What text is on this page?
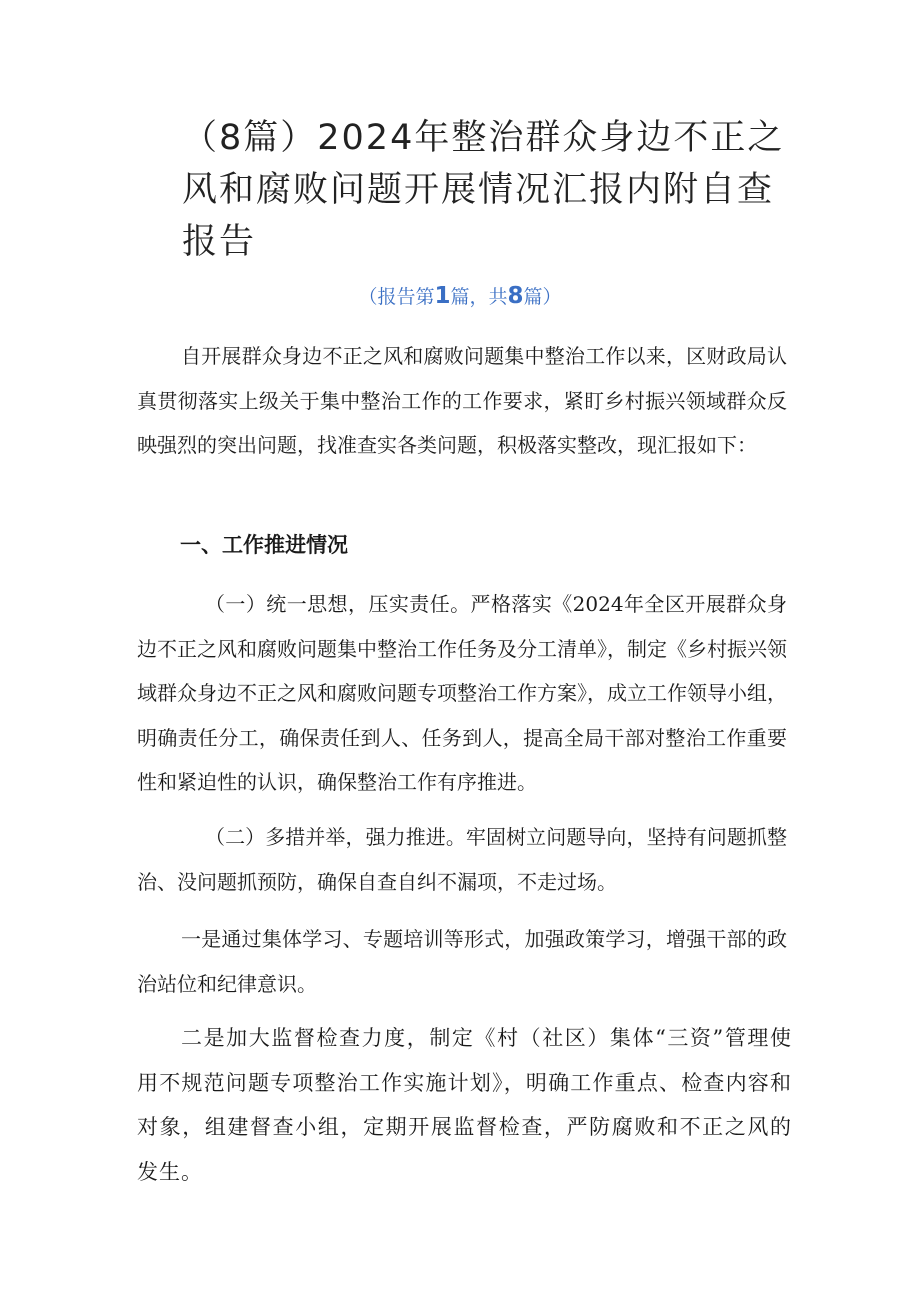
（8篇）2024年整治群众身边不正之风和腐败问题开展情况汇报内附自查报告

（报告第1篇，共8篇）

自开展群众身边不正之风和腐败问题集中整治工作以来，区财政局认真贯彻落实上级关于集中整治工作的工作要求，紧盯乡村振兴领域群众反映强烈的突出问题，找准查实各类问题，积极落实整改，现汇报如下：

一、工作推进情况

（一）统一思想，压实责任。严格落实《2024年全区开展群众身边不正之风和腐败问题集中整治工作任务及分工清单》，制定《乡村振兴领域群众身边不正之风和腐败问题专项整治工作方案》，成立工作领导小组，明确责任分工，确保责任到人、任务到人，提高全局干部对整治工作重要性和紧迫性的认识，确保整治工作有序推进。

（二）多措并举，强力推进。牢固树立问题导向，坚持有问题抓整治、没问题抓预防，确保自查自纠不漏项，不走过场。

一是通过集体学习、专题培训等形式，加强政策学习，增强干部的政治站位和纪律意识。

二是加大监督检查力度，制定《村（社区）集体“三资”管理使用不规范问题专项整治工作实施计划》，明确工作重点、检查内容和对象，组建督查小组，定期开展监督检查，严防腐败和不正之风的发生。
